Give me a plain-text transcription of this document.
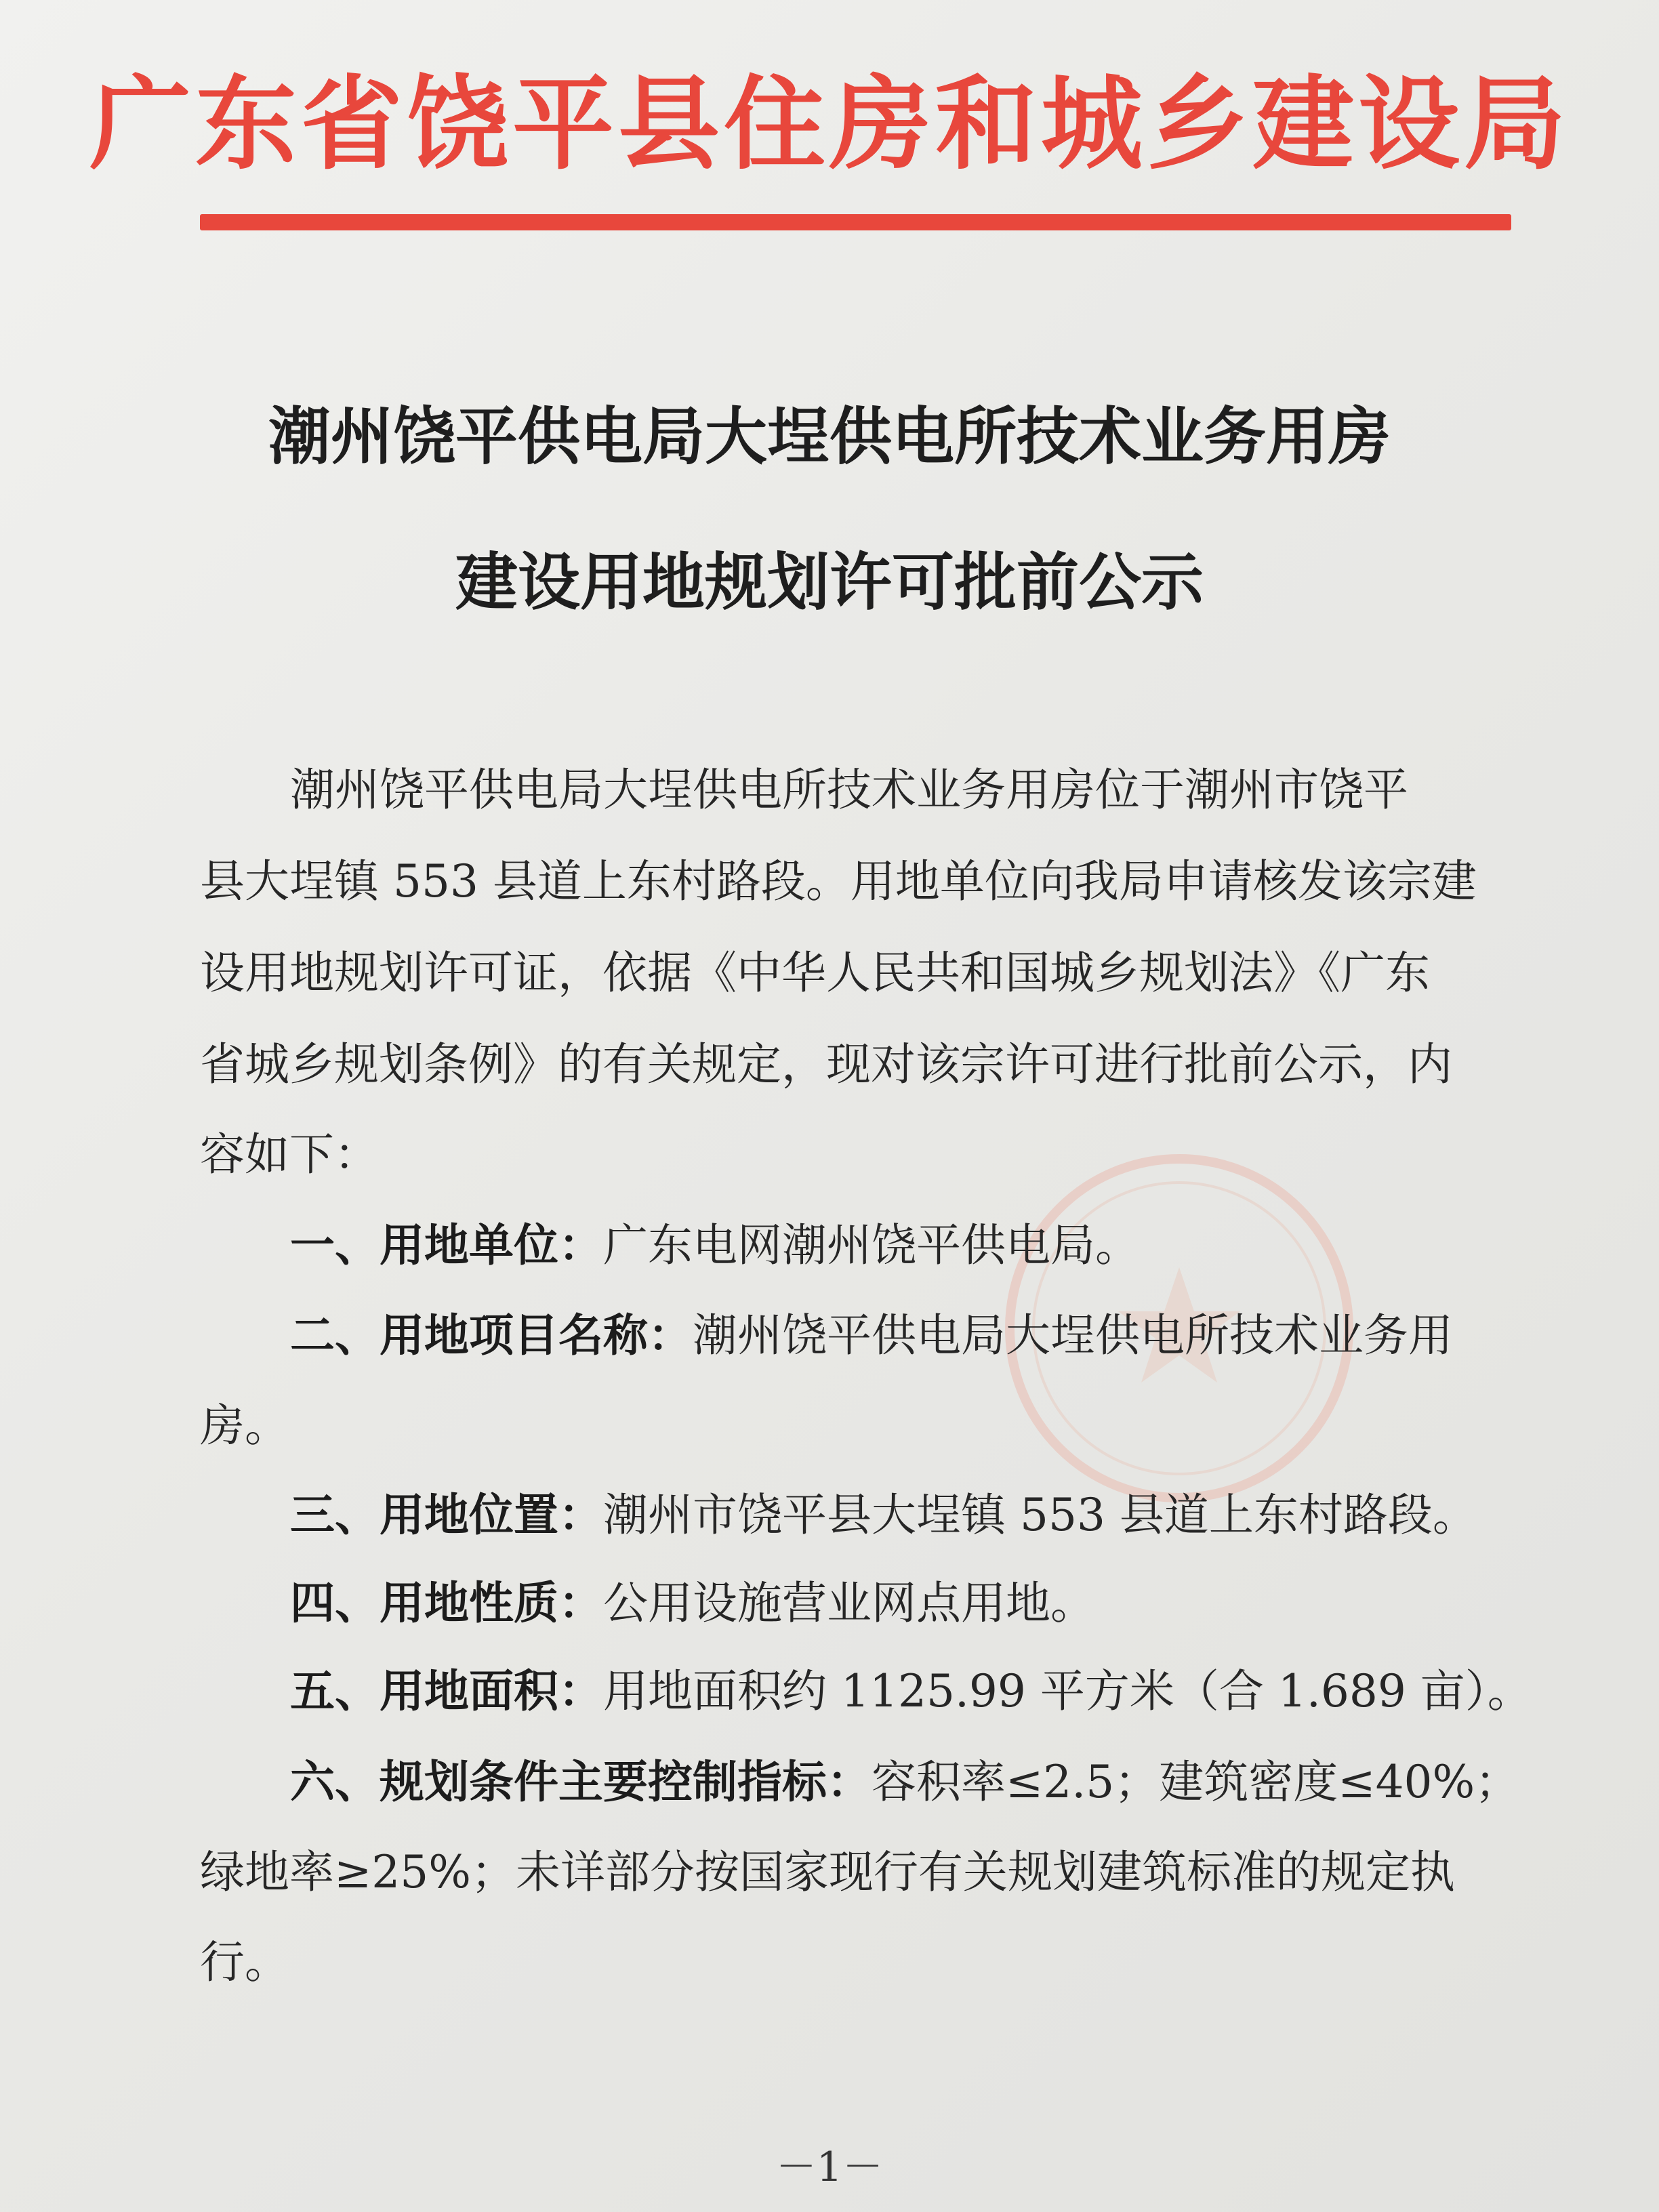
广东省饶平县住房和城乡建设局
潮州饶平供电局大埕供电所技术业务用房
建设用地规划许可批前公示
潮州饶平供电局大埕供电所技术业务用房位于潮州市饶平
县大埕镇 553 县道上东村路段。用地单位向我局申请核发该宗建
设用地规划许可证，依据《中华人民共和国城乡规划法》《广东
省城乡规划条例》的有关规定，现对该宗许可进行批前公示，内
容如下：
一、用地单位：广东电网潮州饶平供电局。
二、用地项目名称：潮州饶平供电局大埕供电所技术业务用
房。
三、用地位置：潮州市饶平县大埕镇 553 县道上东村路段。
四、用地性质：公用设施营业网点用地。
五、用地面积：用地面积约 1125.99 平方米（合 1.689 亩）。
六、规划条件主要控制指标：容积率≤2.5；建筑密度≤40%；
绿地率≥25%；未详部分按国家现行有关规划建筑标准的规定执
行。
－1－
